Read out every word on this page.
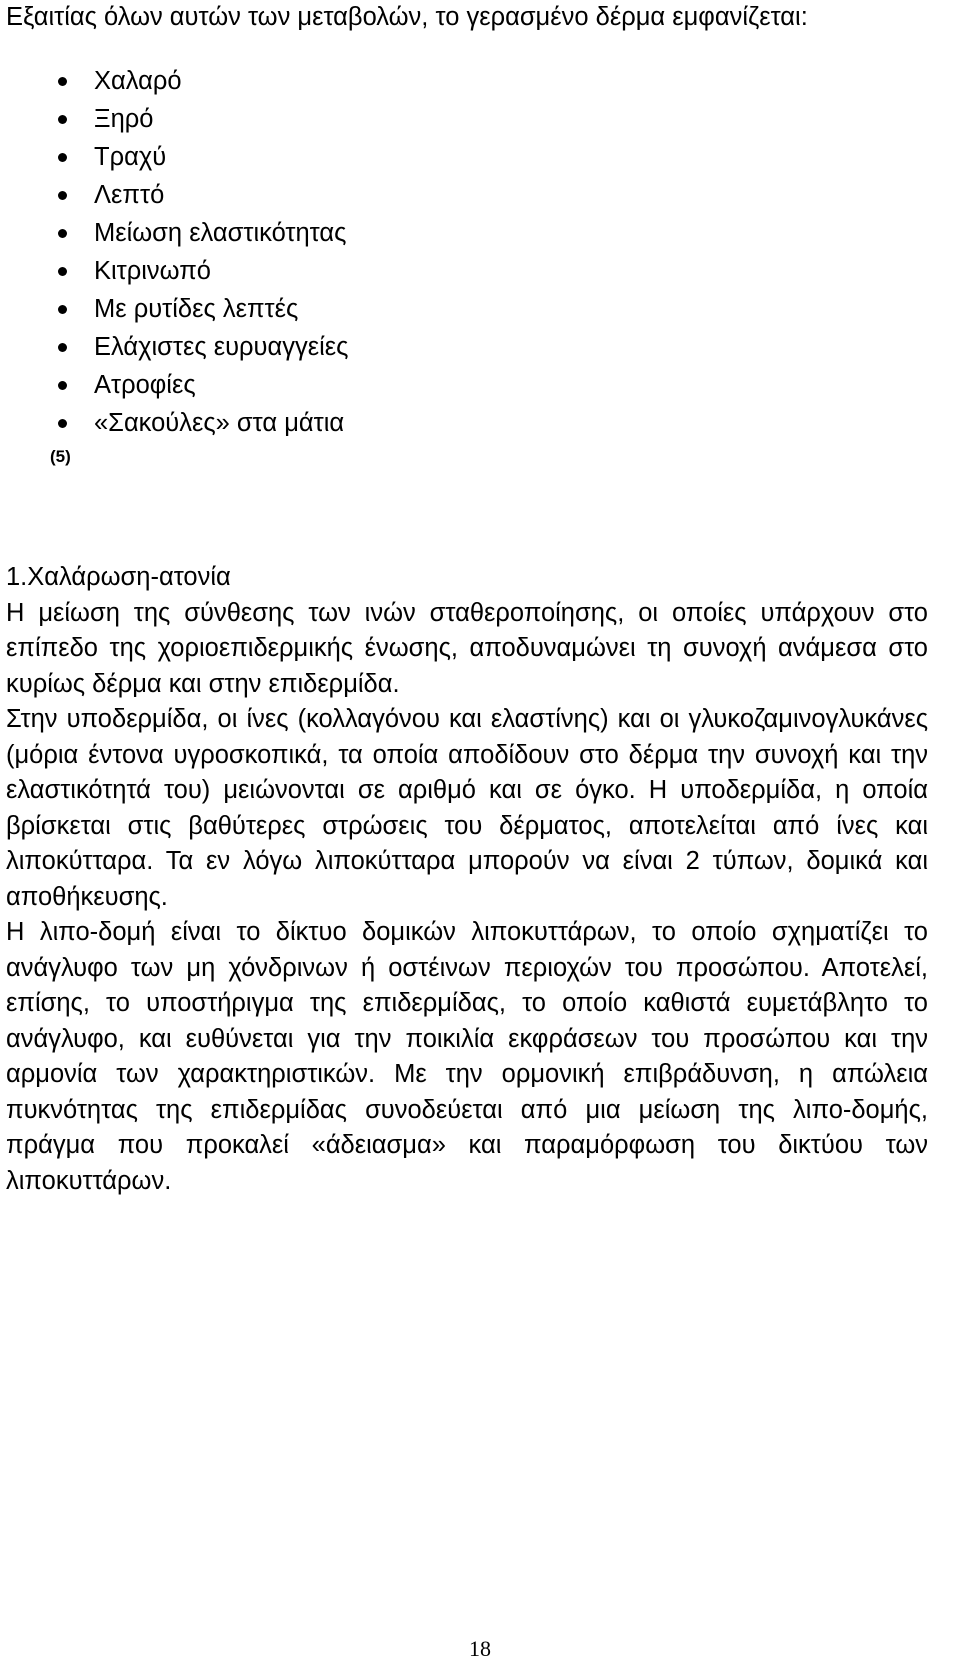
Εξαιτίας όλων αυτών των μεταβολών, το γερασμένο δέρμα εμφανίζεται:

Χαλαρό
Ξηρό
Τραχύ
Λεπτό
Μείωση ελαστικότητας
Κιτρινωπό
Με ρυτίδες λεπτές
Ελάχιστες ευρυαγγείες
Ατροφίες
«Σακούλες» στα μάτια
(5)

1.Χαλάρωση-ατονία

Η μείωση της σύνθεσης των ινών σταθεροποίησης, οι οποίες υπάρχουν στο επίπεδο της χοριοεπιδερμικής ένωσης, αποδυναμώνει τη συνοχή ανάμεσα στο κυρίως δέρμα και στην επιδερμίδα.

Στην υποδερμίδα, οι ίνες (κολλαγόνου και ελαστίνης) και οι γλυκοζαμινογλυκάνες (μόρια έντονα υγροσκοπικά, τα οποία αποδίδουν στο δέρμα την συνοχή και την ελαστικότητά του) μειώνονται σε αριθμό και σε όγκο. Η υποδερμίδα, η οποία βρίσκεται στις βαθύτερες στρώσεις του δέρματος, αποτελείται από ίνες και λιποκύτταρα. Τα εν λόγω λιποκύτταρα μπορούν να είναι 2 τύπων, δομικά και αποθήκευσης.

Η λιπο-δομή είναι το δίκτυο δομικών λιποκυττάρων, το οποίο σχηματίζει το ανάγλυφο των μη χόνδρινων ή οστέινων περιοχών του προσώπου. Αποτελεί, επίσης, το υποστήριγμα της επιδερμίδας, το οποίο καθιστά ευμετάβλητο το ανάγλυφο, και ευθύνεται για την ποικιλία εκφράσεων του προσώπου και την αρμονία των χαρακτηριστικών. Με την ορμονική επιβράδυνση, η απώλεια πυκνότητας της επιδερμίδας συνοδεύεται από μια μείωση της λιπο-δομής, πράγμα που προκαλεί «άδειασμα» και παραμόρφωση του δικτύου των λιποκυττάρων.

18
